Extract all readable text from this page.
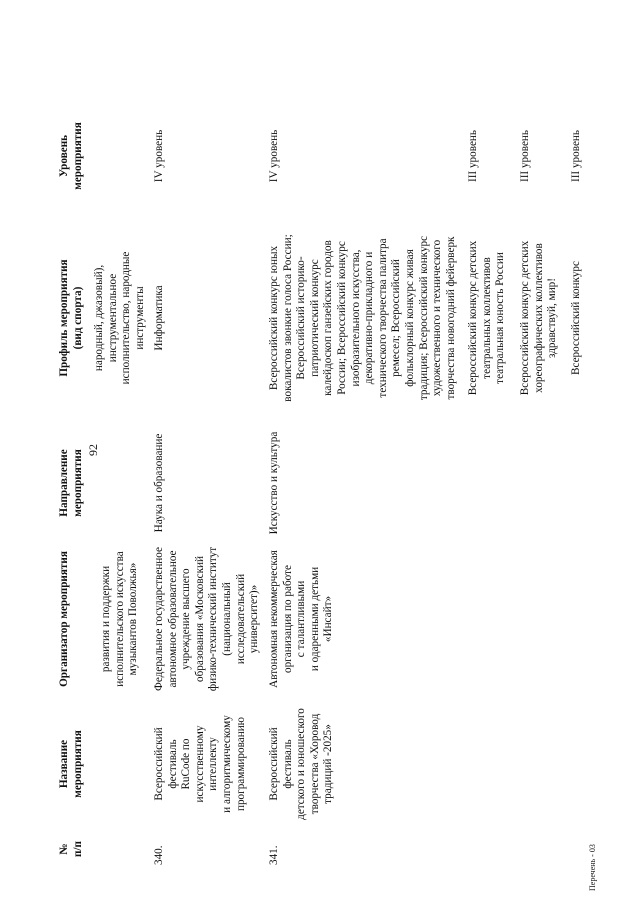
92
№ п/п
Название мероприятия
Организатор мероприятия
Направление мероприятия
Профиль мероприятия (вид спорта)
Уровень мероприятия
развития и поддержки исполнительского искусства музыкантов Поволжья»
народный, джазовый), инструментальное исполнительство, народные инструменты
340.
Всероссийский фестиваль RuCode по искусственному интеллекту и алгоритмическому программированию
Федеральное государственное автономное образовательное учреждение высшего образования «Московский физико-технический институт (национальный исследовательский университет)»
Наука и образование
Информатика
IV уровень
341.
Всероссийский фестиваль детского и юношеского творчества «Хоровод традиций -2025»
Автономная некоммерческая организация по работе с талантливыми и одаренными детьми «Инсайт»
Искусство и культура
Всероссийский конкурс юных вокалистов звонкие голоса России; Всероссийский историко- патриотический конкурс калейдоскоп ганзейских городов России; Всероссийский конкурс изобразительного искусства, декоративно-прикладного и технического творчества палитра ремесел; Всероссийский фольклорный конкурс живая традиция; Всероссийский конкурс художественного и технического творчества новогодний фейерверк
IV уровень
Всероссийский конкурс детских театральных коллективов театральная юность России
III уровень
Всероссийский конкурс детских хореографических коллективов здравствуй, мир!
III уровень
Всероссийский конкурс
III уровень
Перечень - 03
